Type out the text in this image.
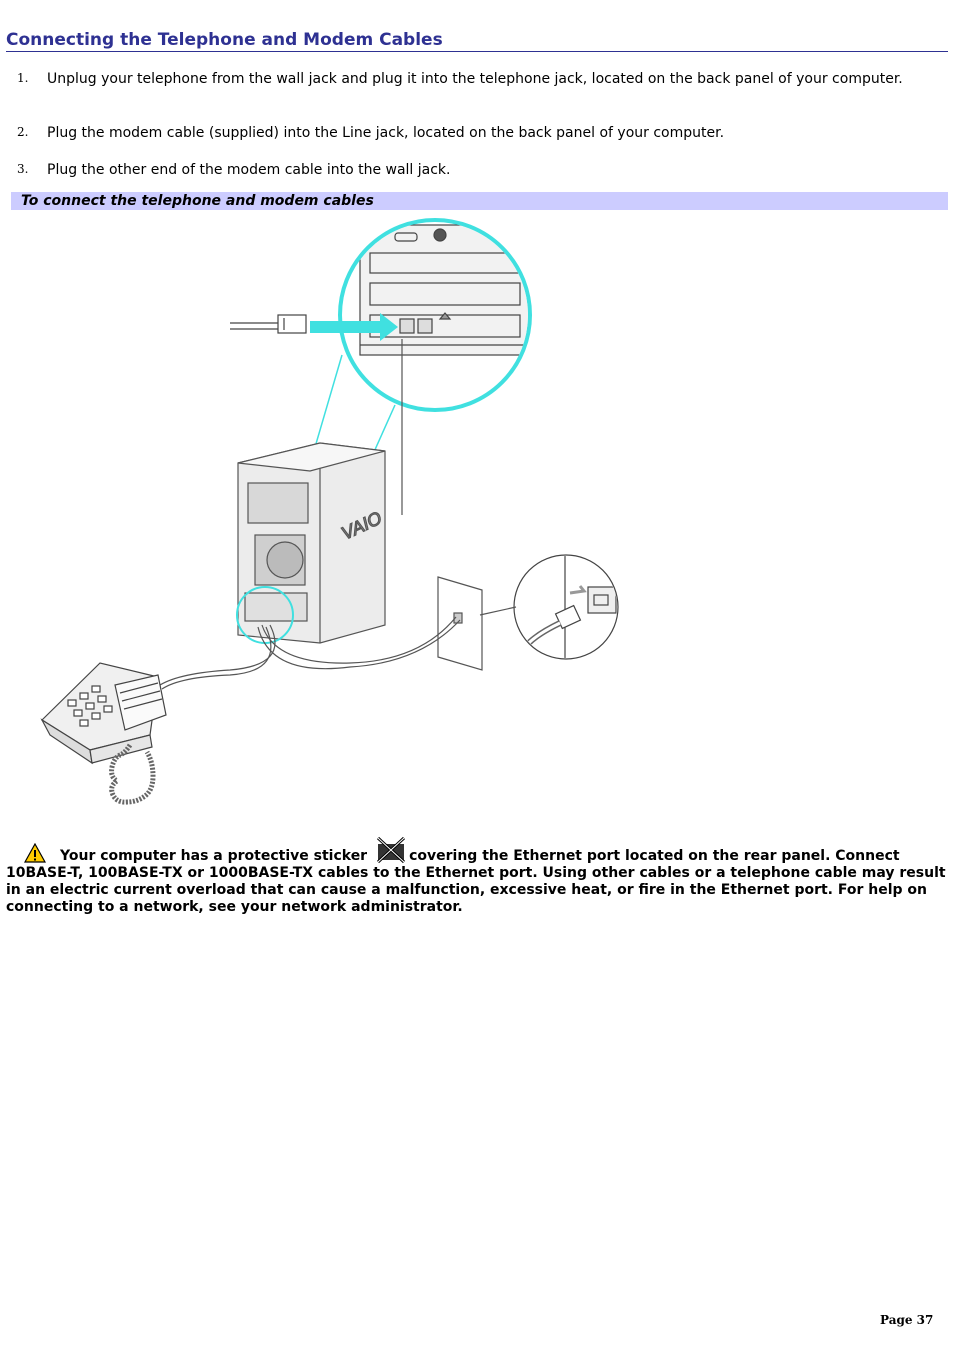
Connecting the Telephone and Modem Cables
1. Unplug your telephone from the wall jack and plug it into the telephone jack, located on the back panel of your computer.
2. Plug the modem cable (supplied) into the Line jack, located on the back panel of your computer.
3. Plug the other end of the modem cable into the wall jack.
To connect the telephone and modem cables
VAIO
Your computer has a protective sticker	covering the Ethernet port located on the rear panel. Connect 10BASE-T, 100BASE-TX or 1000BASE-TX cables to the Ethernet port. Using other cables or a telephone cable may result in an electric current overload that can cause a malfunction, excessive heat, or fire in the Ethernet port. For help on connecting to a network, see your network administrator.
Page 37
